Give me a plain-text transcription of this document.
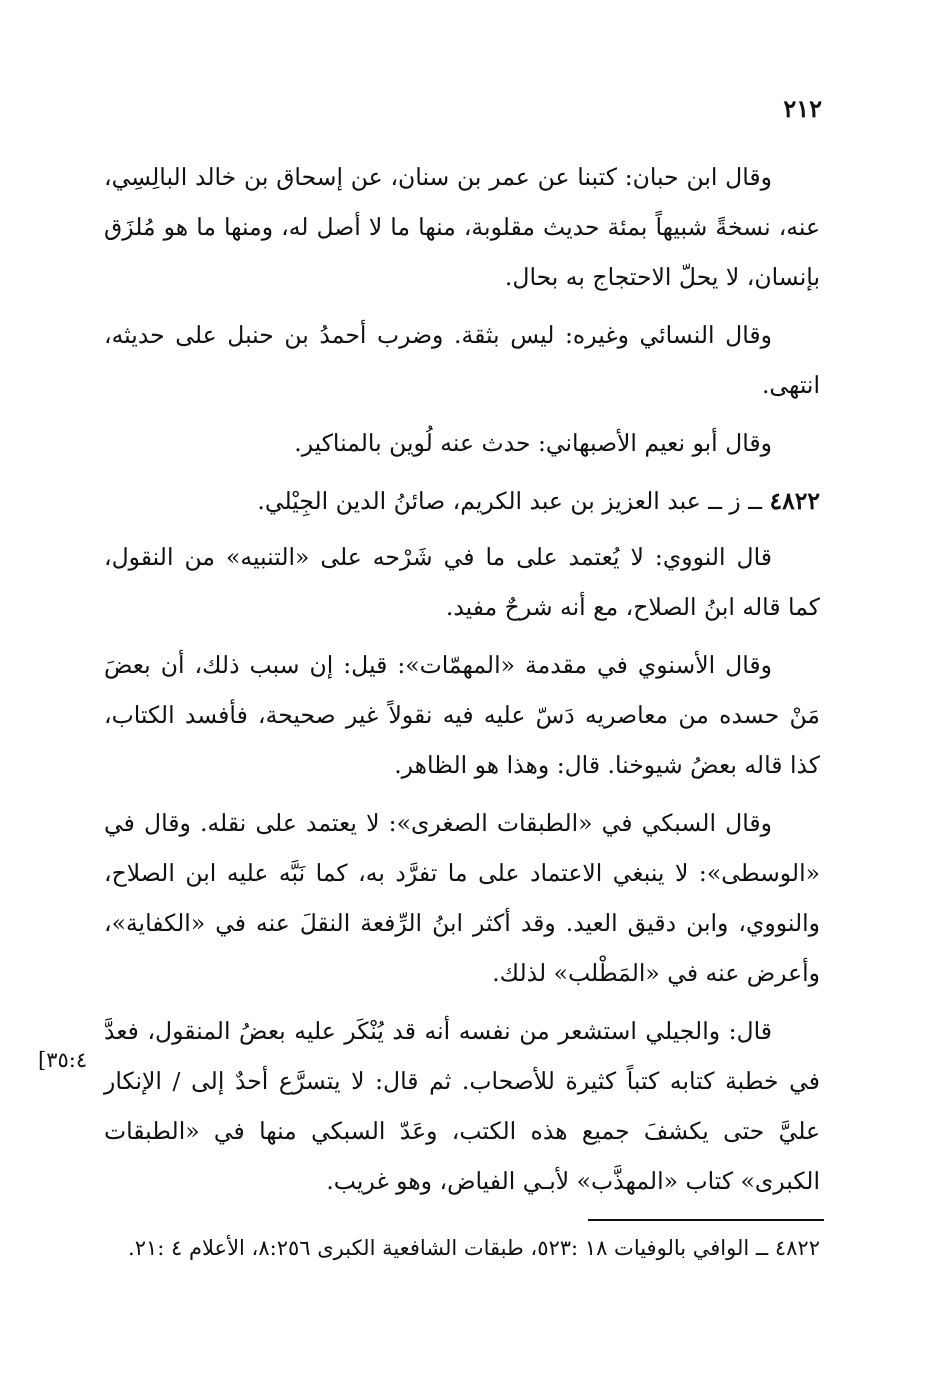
٢١٢

وقال ابن حبان: كتبنا عن عمر بن سنان، عن إسحاق بن خالد البالِسِي، عنه، نسخةً شبيهاً بمئة حديث مقلوبة، منها ما لا أصل له، ومنها ما هو مُلزَق بإنسان، لا يحلّ الاحتجاج به بحال.

وقال النسائي وغيره: ليس بثقة. وضرب أحمدُ بن حنبل على حديثه، انتهى.

وقال أبو نعيم الأصبهاني: حدث عنه لُوين بالمناكير.

٤٨٢٢ ــ ز ــ عبد العزيز بن عبد الكريم، صائنُ الدين الجِيْلي.

قال النووي: لا يُعتمد على ما في شَرْحه على «التنبيه» من النقول، كما قاله ابنُ الصلاح، مع أنه شرحٌ مفيد.

وقال الأسنوي في مقدمة «المهمّات»: قيل: إن سبب ذلك، أن بعضَ مَنْ حسده من معاصريه دَسّ عليه فيه نقولاً غير صحيحة، فأفسد الكتاب، كذا قاله بعضُ شيوخنا. قال: وهذا هو الظاهر.

وقال السبكي في «الطبقات الصغرى»: لا يعتمد على نقله. وقال في «الوسطى»: لا ينبغي الاعتماد على ما تفرَّد به، كما نَبَّه عليه ابن الصلاح، والنووي، وابن دقيق العيد. وقد أكثر ابنُ الرِّفعة النقلَ عنه في «الكفاية»، وأعرض عنه في «المَطْلب» لذلك.

قال: والجيلي استشعر من نفسه أنه قد يُنْكَر عليه بعضُ المنقول، فعدَّ في خطبة كتابه كتباً كثيرة للأصحاب. ثم قال: لا يتسرَّع أحدٌ إلى / الإنكار عليَّ حتى يكشفَ جميع هذه الكتب، وعَدّ السبكي منها في «الطبقات الكبرى» كتاب «المهذَّب» لأبـي الفياض، وهو غريب.

[٣٥:٤
٤٨٢٢ ــ الوافي بالوفيات ١٨ :٥٢٣، طبقات الشافعية الكبرى ٨:٢٥٦، الأعلام ٤ :٢١.
